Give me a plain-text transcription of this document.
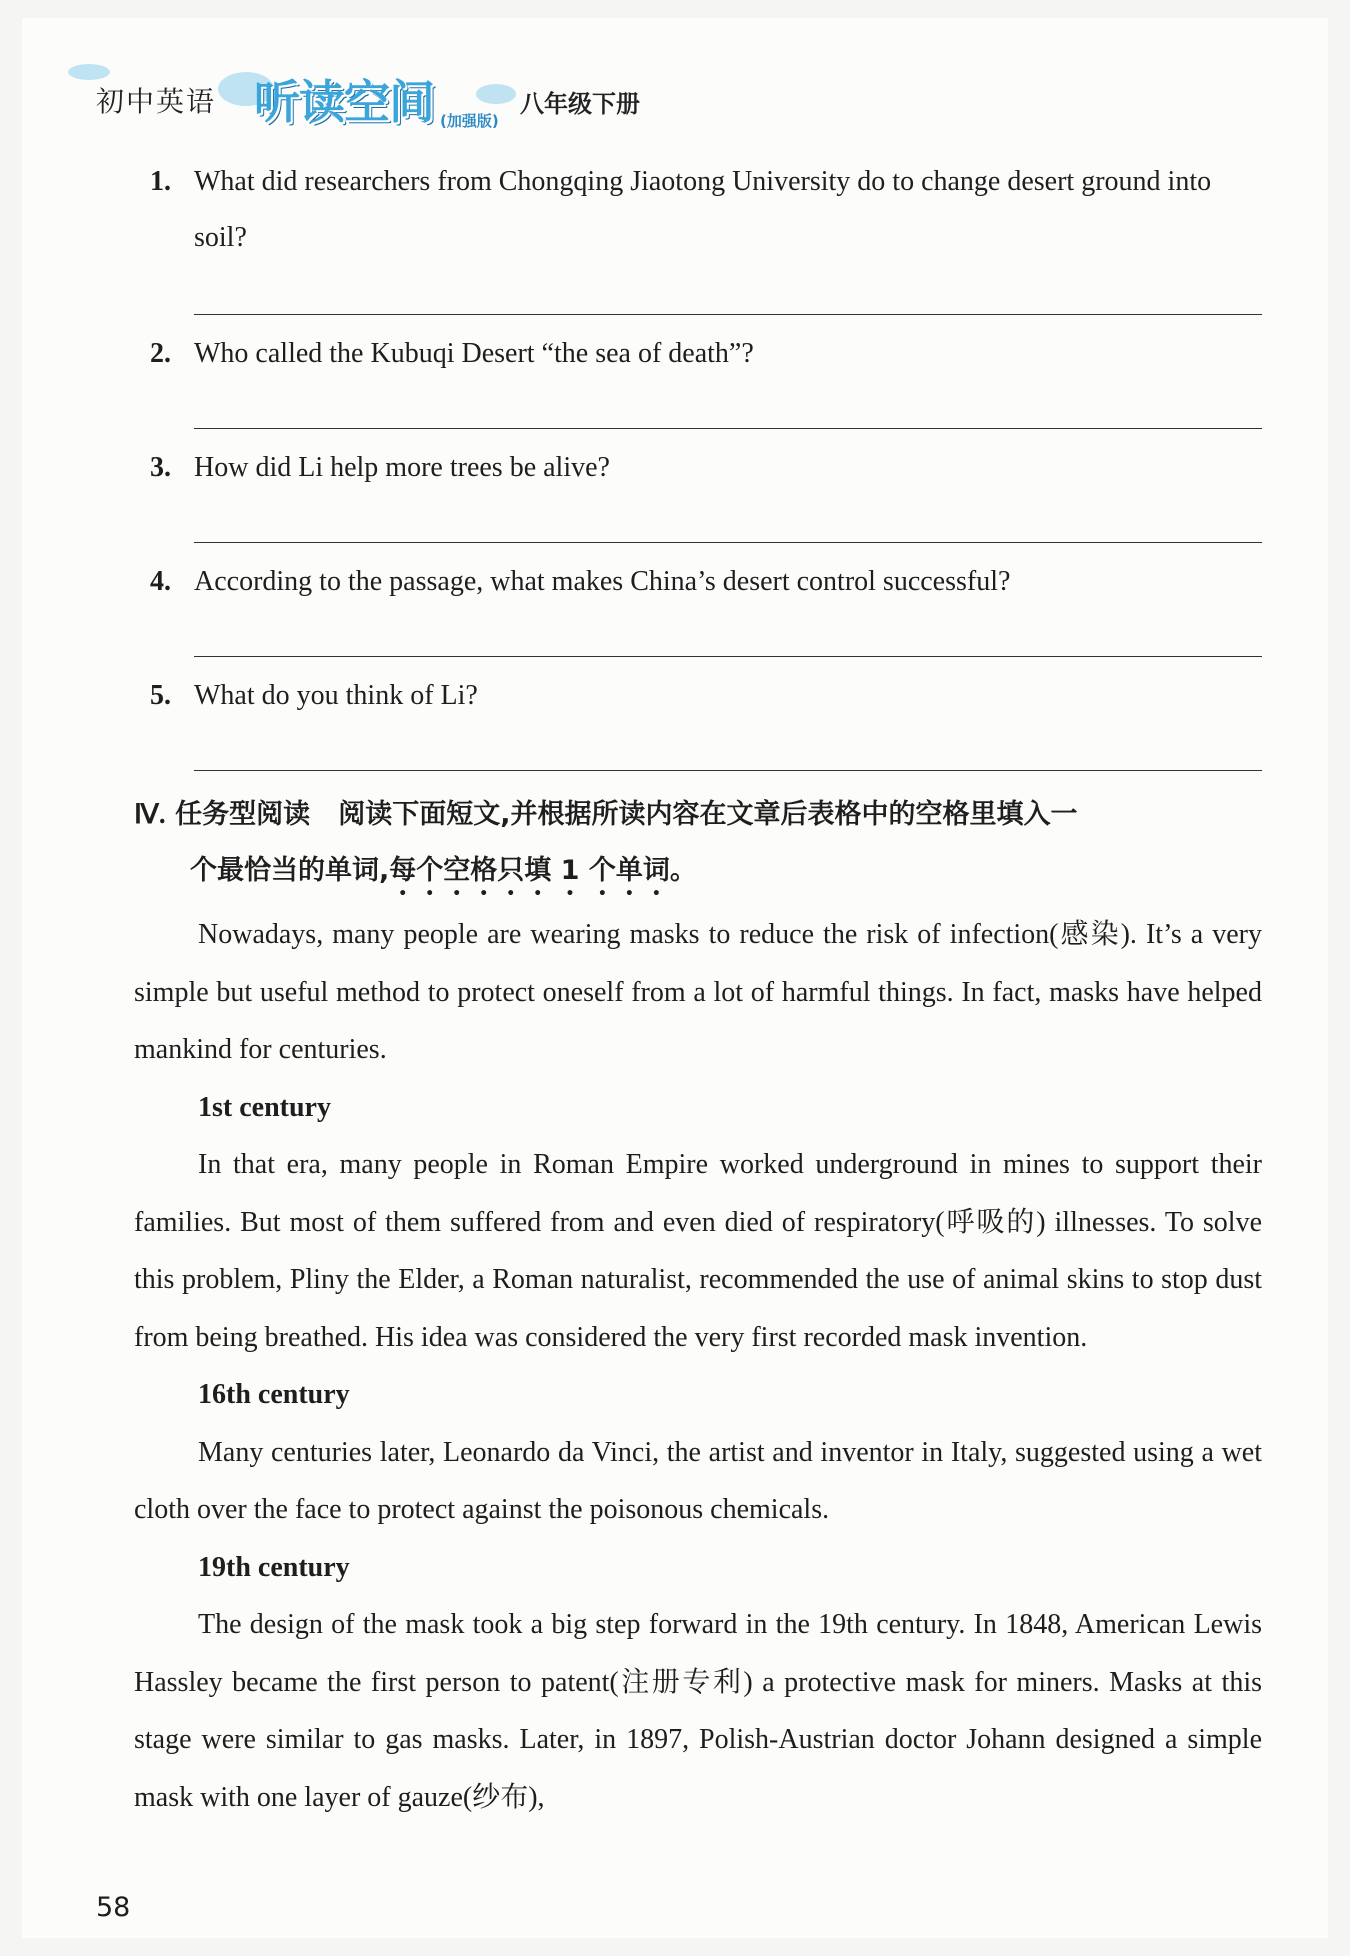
初中英语 听读空间 (加强版)
八年级下册
1. What did researchers from Chongqing Jiaotong University do to change desert ground into soil?
2. Who called the Kubuqi Desert “the sea of death”?
3. How did Li help more trees be alive?
4. According to the passage, what makes China’s desert control successful?
5. What do you think of Li?
Ⅳ. 任务型阅读 阅读下面短文,并根据所读内容在文章后表格中的空格里填入一
个最恰当的单词,每个空格只填 1 个单词。

Nowadays, many people are wearing masks to reduce the risk of infection(感染). It’s a very simple but useful method to protect oneself from a lot of harmful things. In fact, masks have helped mankind for centuries.

1st century

In that era, many people in Roman Empire worked underground in mines to support their families. But most of them suffered from and even died of respiratory(呼吸的) illnesses. To solve this problem, Pliny the Elder, a Roman naturalist, recommended the use of animal skins to stop dust from being breathed. His idea was considered the very first recorded mask invention.

16th century

Many centuries later, Leonardo da Vinci, the artist and inventor in Italy, suggested using a wet cloth over the face to protect against the poisonous chemicals.

19th century

The design of the mask took a big step forward in the 19th century. In 1848, American Lewis Hassley became the first person to patent(注册专利) a protective mask for miners. Masks at this stage were similar to gas masks. Later, in 1897, Polish-Austrian doctor Johann designed a simple mask with one layer of gauze(纱布),

58
